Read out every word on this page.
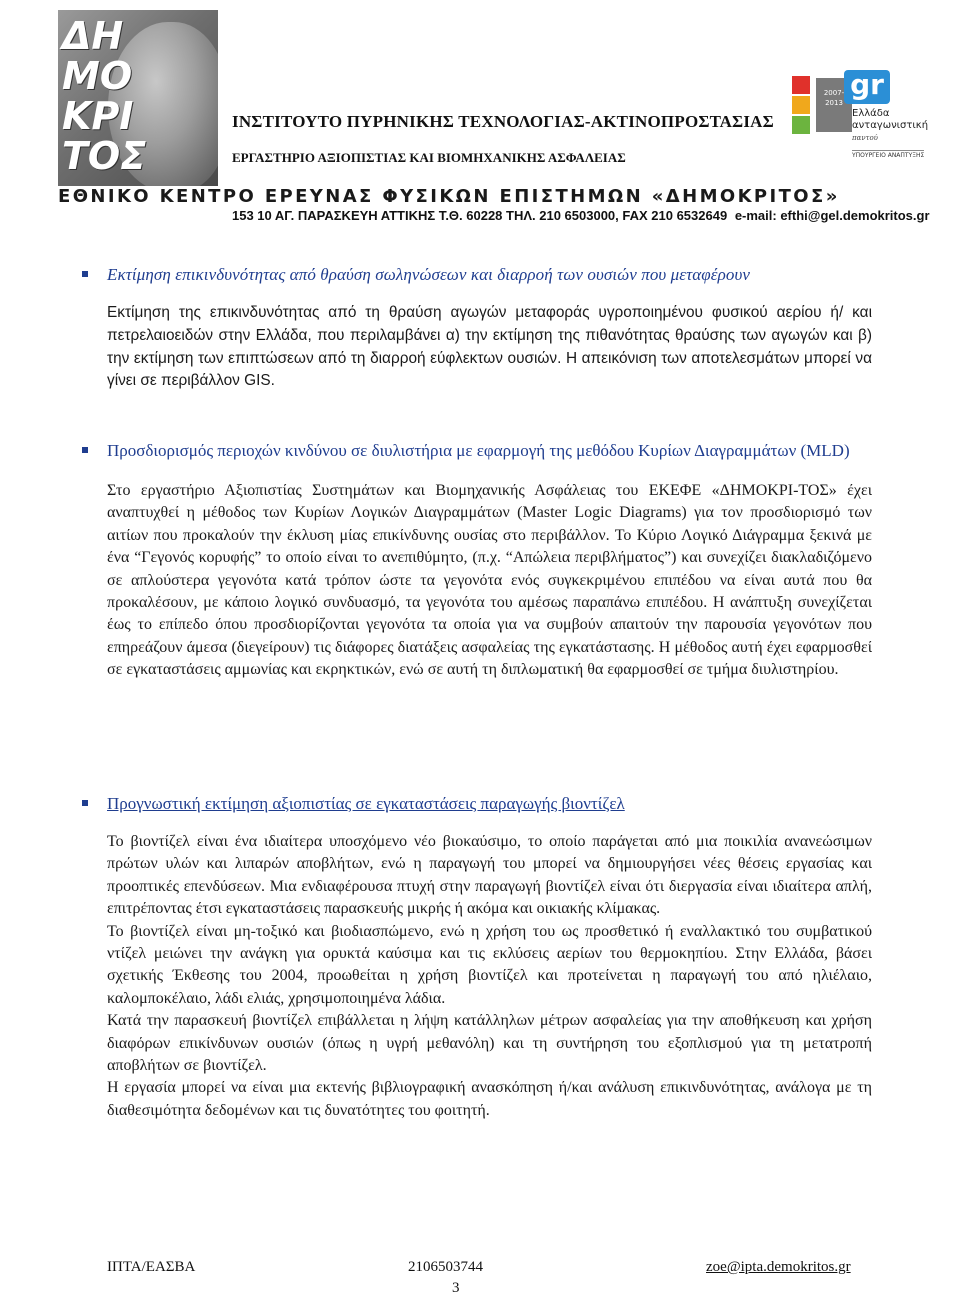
ΔΗ ΜΟ ΚΡΙ ΤΟΣ
ΙΝΣΤΙΤΟΥΤΟ ΠΥΡΗΝΙΚΗΣ ΤΕΧΝΟΛΟΓΙΑΣ-ΑΚΤΙΝΟΠΡΟΣΤΑΣΙΑΣ
ΕΡΓΑΣΤΗΡΙΟ ΑΞΙΟΠΙΣΤΙΑΣ ΚΑΙ ΒΙΟΜΗΧΑΝΙΚΗΣ ΑΣΦΑΛΕΙΑΣ
ΕΘΝΙΚΟ ΚΕΝΤΡΟ ΕΡΕΥΝΑΣ ΦΥΣΙΚΩΝ ΕΠΙΣΤΗΜΩΝ «ΔΗΜΟΚΡΙΤΟΣ»
153 10 ΑΓ. ΠΑΡΑΣΚΕΥΗ ΑΤΤΙΚΗΣ Τ.Θ. 60228 ΤΗΛ. 210 6503000, FAX 210 6532649 e-mail: efthi@gel.demokritos.gr
2007-2013
gr
Ελλάδα
ανταγωνιστική
παντού
ΥΠΟΥΡΓΕΙΟ ΑΝΑΠΤΥΞΗΣ
Εκτίμηση επικινδυνότητας από θραύση σωληνώσεων και διαρροή των ουσιών που μεταφέρουν
Εκτίμηση της επικινδυνότητας από τη θραύση αγωγών μεταφοράς υγροποιημένου φυσικού αερίου ή/ και πετρελαιοειδών στην Ελλάδα, που περιλαμβάνει α) την εκτίμηση της πιθανότητας θραύσης των αγωγών και β) την εκτίμηση των επιπτώσεων από τη διαρροή εύφλεκτων ουσιών. Η απεικόνιση των αποτελεσμάτων μπορεί να γίνει σε περιβάλλον GIS.
Προσδιορισμός περιοχών κινδύνου σε διυλιστήρια με εφαρμογή της μεθόδου Κυρίων Διαγραμμάτων (MLD)
Στο εργαστήριο Αξιοπιστίας Συστημάτων και Βιομηχανικής Ασφάλειας του ΕΚΕΦΕ «ΔΗΜΟΚΡΙ-ΤΟΣ» έχει αναπτυχθεί η μέθοδος των Κυρίων Λογικών Διαγραμμάτων (Master Logic Diagrams) για τον προσδιορισμό των αιτίων που προκαλούν την έκλυση μίας επικίνδυνης ουσίας στο περιβάλλον. Το Κύριο Λογικό Διάγραμμα ξεκινά με ένα “Γεγονός κορυφής” το οποίο είναι το ανεπιθύμητο, (π.χ. “Απώλεια περιβλήματος”) και συνεχίζει διακλαδιζόμενο σε απλούστερα γεγονότα κατά τρόπον ώστε τα γεγονότα ενός συγκεκριμένου επιπέδου να είναι αυτά που θα προκαλέσουν, με κάποιο λογικό συνδυασμό, τα γεγονότα του αμέσως παραπάνω επιπέδου. Η ανάπτυξη συνεχίζεται έως το επίπεδο όπου προσδιορίζονται γεγονότα τα οποία για να συμβούν απαιτούν την παρουσία γεγονότων που επηρεάζουν άμεσα (διεγείρουν) τις διάφορες διατάξεις ασφαλείας της εγκατάστασης. Η μέθοδος αυτή έχει εφαρμοσθεί σε εγκαταστάσεις αμμωνίας και εκρηκτικών, ενώ σε αυτή τη διπλωματική θα εφαρμοσθεί σε τμήμα διυλιστηρίου.
Προγνωστική εκτίμηση αξιοπιστίας σε εγκαταστάσεις παραγωγής βιοντίζελ

Το βιοντίζελ είναι ένα ιδιαίτερα υποσχόμενο νέο βιοκαύσιμο, το οποίο παράγεται από μια ποικιλία ανανεώσιμων πρώτων υλών και λιπαρών αποβλήτων, ενώ η παραγωγή του μπορεί να δημιουργήσει νέες θέσεις εργασίας και προοπτικές επενδύσεων. Μια ενδιαφέρουσα πτυχή στην παραγωγή βιοντίζελ είναι ότι διεργασία είναι ιδιαίτερα απλή, επιτρέποντας έτσι εγκαταστάσεις παρασκευής μικρής ή ακόμα και οικιακής κλίμακας.

Το βιοντίζελ είναι μη-τοξικό και βιοδιασπώμενο, ενώ η χρήση του ως προσθετικό ή εναλλακτικό του συμβατικού ντίζελ μειώνει την ανάγκη για ορυκτά καύσιμα και τις εκλύσεις αερίων του θερμοκηπίου. Στην Ελλάδα, βάσει σχετικής Έκθεσης του 2004, προωθείται η χρήση βιοντίζελ και προτείνεται η παραγωγή του από ηλιέλαιο, καλομποκέλαιο, λάδι ελιάς, χρησιμοποιημένα λάδια.

Κατά την παρασκευή βιοντίζελ επιβάλλεται η λήψη κατάλληλων μέτρων ασφαλείας για την αποθήκευση και χρήση διαφόρων επικίνδυνων ουσιών (όπως η υγρή μεθανόλη) και τη συντήρηση του εξοπλισμού για τη μετατροπή αποβλήτων σε βιοντίζελ.

Η εργασία μπορεί να είναι μια εκτενής βιβλιογραφική ανασκόπηση ή/και ανάλυση επικινδυνότητας, ανάλογα με τη διαθεσιμότητα δεδομένων και τις δυνατότητες του φοιτητή.

ΙΠΤΑ/ΕΑΣΒΑ	2106503744	zoe@ipta.demokritos.gr
3
